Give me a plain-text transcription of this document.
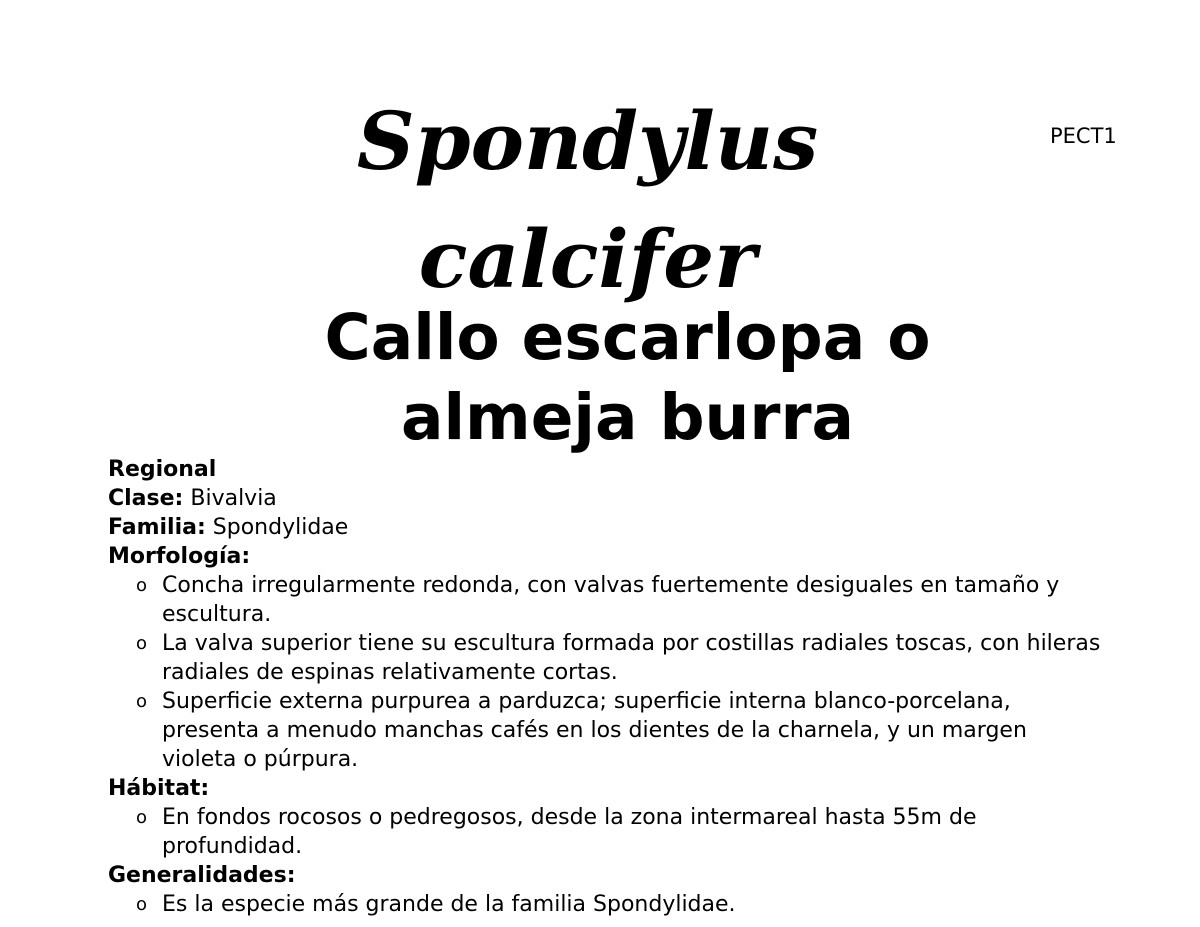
PECT1
Spondylus
calcifer
Callo escarlopa o
almeja burra

Regional

Clase: Bivalvia

Familia: Spondylidae

Morfología:

o Concha irregularmente redonda, con valvas fuertemente desiguales en tamaño y escultura.
o La valva superior tiene su escultura formada por costillas radiales toscas, con hileras radiales de espinas relativamente cortas.
o Superficie externa purpurea a parduzca; superficie interna blanco-porcelana, presenta a menudo manchas cafés en los dientes de la charnela, y un margen violeta o púrpura.

Hábitat:

o En fondos rocosos o pedregosos, desde la zona intermareal hasta 55m de profundidad.

Generalidades:

o Es la especie más grande de la familia Spondylidae.
